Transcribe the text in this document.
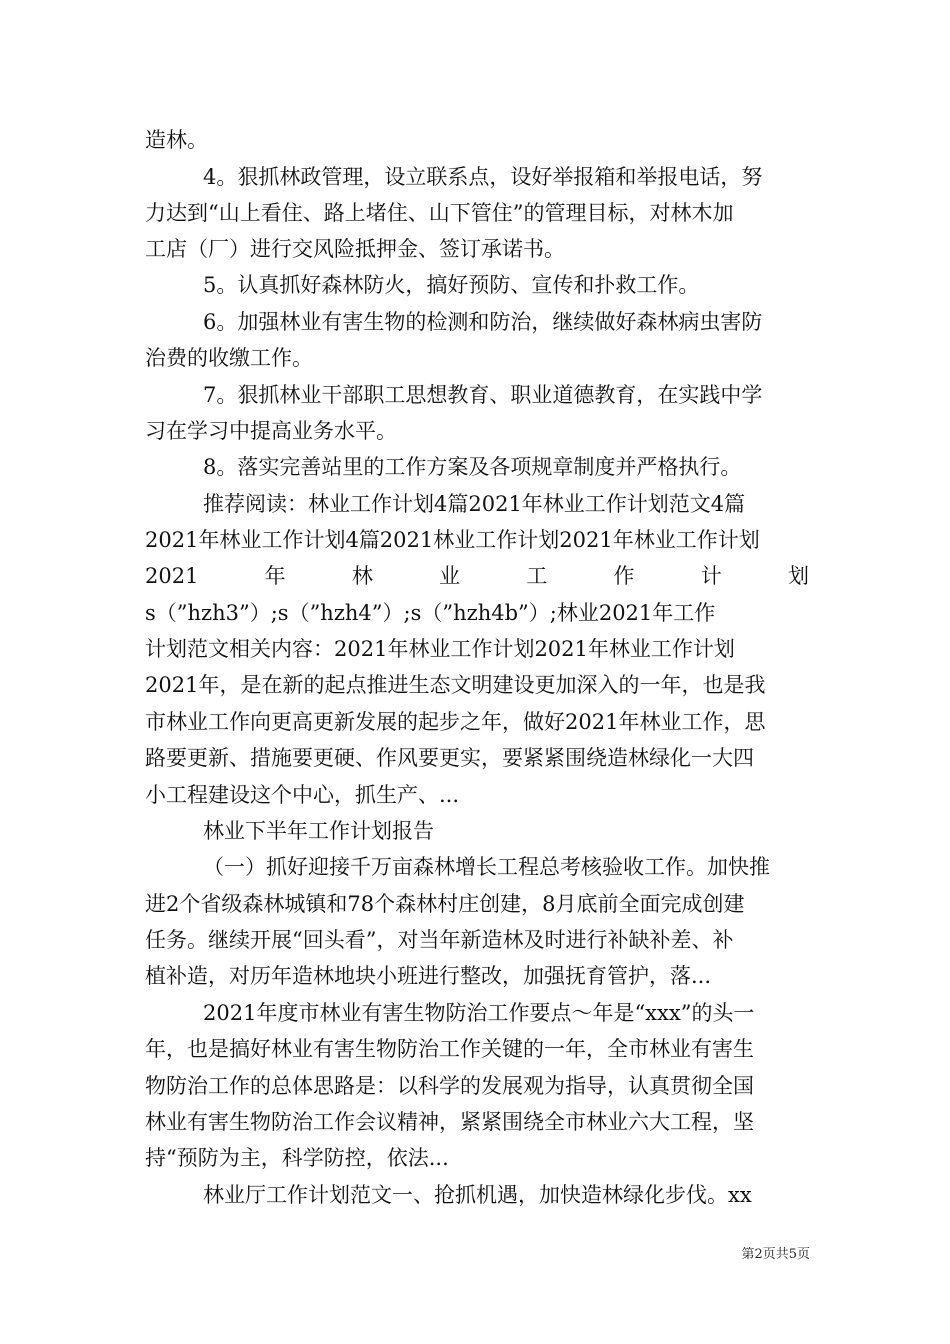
造林。
4。狠抓林政管理，设立联系点，设好举报箱和举报电话，努
力达到“山上看住、路上堵住、山下管住”的管理目标，对林木加
工店（厂）进行交风险抵押金、签订承诺书。
5。认真抓好森林防火，搞好预防、宣传和扑救工作。
6。加强林业有害生物的检测和防治，继续做好森林病虫害防
治费的收缴工作。
7。狠抓林业干部职工思想教育、职业道德教育，在实践中学
习在学习中提高业务水平。
8。落实完善站里的工作方案及各项规章制度并严格执行。
推荐阅读：林业工作计划4篇2021年林业工作计划范文4篇
2021年林业工作计划4篇2021林业工作计划2021年林业工作计划
2021	年	林	业	工	作	计	划
s（”hzh3”）;s（”hzh4”）;s（”hzh4b”）;林业2021年工作
计划范文相关内容：2021年林业工作计划2021年林业工作计划
2021年，是在新的起点推进生态文明建设更加深入的一年，也是我
市林业工作向更高更新发展的起步之年，做好2021年林业工作，思
路要更新、措施要更硬、作风要更实，要紧紧围绕造林绿化一大四
小工程建设这个中心，抓生产、...
林业下半年工作计划报告
（一）抓好迎接千万亩森林增长工程总考核验收工作。加快推
进2个省级森林城镇和78个森林村庄创建，8月底前全面完成创建
任务。继续开展“回头看”，对当年新造林及时进行补缺补差、补
植补造，对历年造林地块小班进行整改，加强抚育管护，落...
2021年度市林业有害生物防治工作要点～年是“xxx”的头一
年，也是搞好林业有害生物防治工作关键的一年，全市林业有害生
物防治工作的总体思路是：以科学的发展观为指导，认真贯彻全国
林业有害生物防治工作会议精神，紧紧围绕全市林业六大工程，坚
持“预防为主，科学防控，依法...
林业厅工作计划范文一、抢抓机遇，加快造林绿化步伐。xx
第2页共5页
